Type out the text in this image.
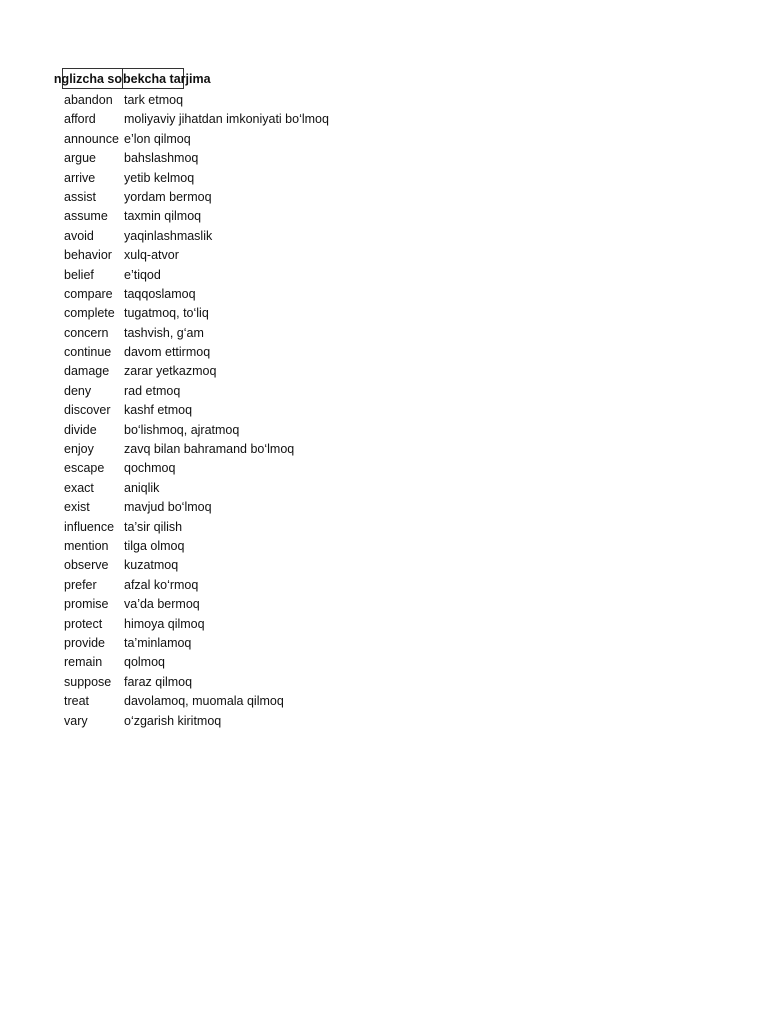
nglizcha so bekcha tarjima
abandon tark etmoq
afford	moliyaviy jihatdan imkoniyati bo‘lmoq
announce e’lon qilmoq
argue	bahslashmoq
arrive	yetib kelmoq
assist	yordam bermoq
assume	taxmin qilmoq
avoid	yaqinlashmaslik
behavior xulq-atvor
belief	e’tiqod
compare taqqoslamoq
complete tugatmoq, to‘liq
concern	tashvish, g‘am
continue	davom ettirmoq
damage	zarar yetkazmoq
deny	rad etmoq
discover	kashf etmoq
divide	bo‘lishmoq, ajratmoq
enjoy	zavq bilan bahramand bo‘lmoq
escape	qochmoq
exact	aniqlik
exist	mavjud bo‘lmoq
influence ta’sir qilish
mention	tilga olmoq
observe	kuzatmoq
prefer	afzal ko‘rmoq
promise	va’da bermoq
protect	himoya qilmoq
provide	ta’minlamoq
remain	qolmoq
suppose	faraz qilmoq
treat	davolamoq, muomala qilmoq
vary	o‘zgarish kiritmoq
